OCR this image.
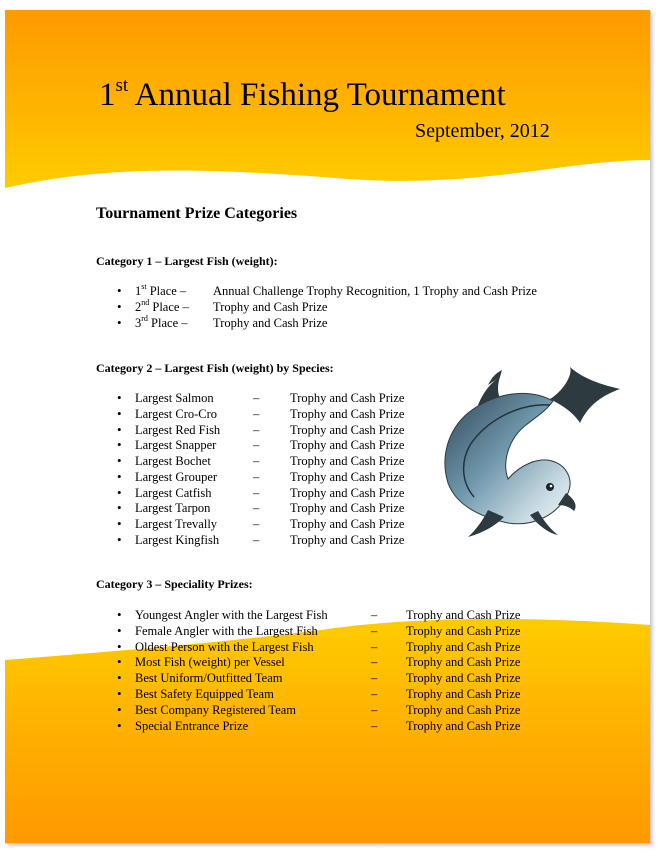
1st Annual Fishing Tournament
September, 2012
Tournament Prize Categories
Category 1 – Largest Fish (weight):
• 1st Place – Annual Challenge Trophy Recognition, 1 Trophy and Cash Prize
• 2nd Place – Trophy and Cash Prize
• 3rd Place – Trophy and Cash Prize
Category 2 – Largest Fish (weight) by Species:
• Largest Salmon	– Trophy and Cash Prize
• Largest Cro-Cro	– Trophy and Cash Prize
• Largest Red Fish	– Trophy and Cash Prize
• Largest Snapper	– Trophy and Cash Prize
• Largest Bochet	– Trophy and Cash Prize
• Largest Grouper	– Trophy and Cash Prize
• Largest Catfish	– Trophy and Cash Prize
• Largest Tarpon	– Trophy and Cash Prize
• Largest Trevally	– Trophy and Cash Prize
• Largest Kingfish	– Trophy and Cash Prize
Category 3 – Speciality Prizes:
• Youngest Angler with the Largest Fish	– Trophy and Cash Prize
• Female Angler with the Largest Fish	– Trophy and Cash Prize
• Oldest Person with the Largest Fish	– Trophy and Cash Prize
• Most Fish (weight) per Vessel	– Trophy and Cash Prize
• Best Uniform/Outfitted Team	– Trophy and Cash Prize
• Best Safety Equipped Team	– Trophy and Cash Prize
• Best Company Registered Team	– Trophy and Cash Prize
• Special Entrance Prize	– Trophy and Cash Prize
